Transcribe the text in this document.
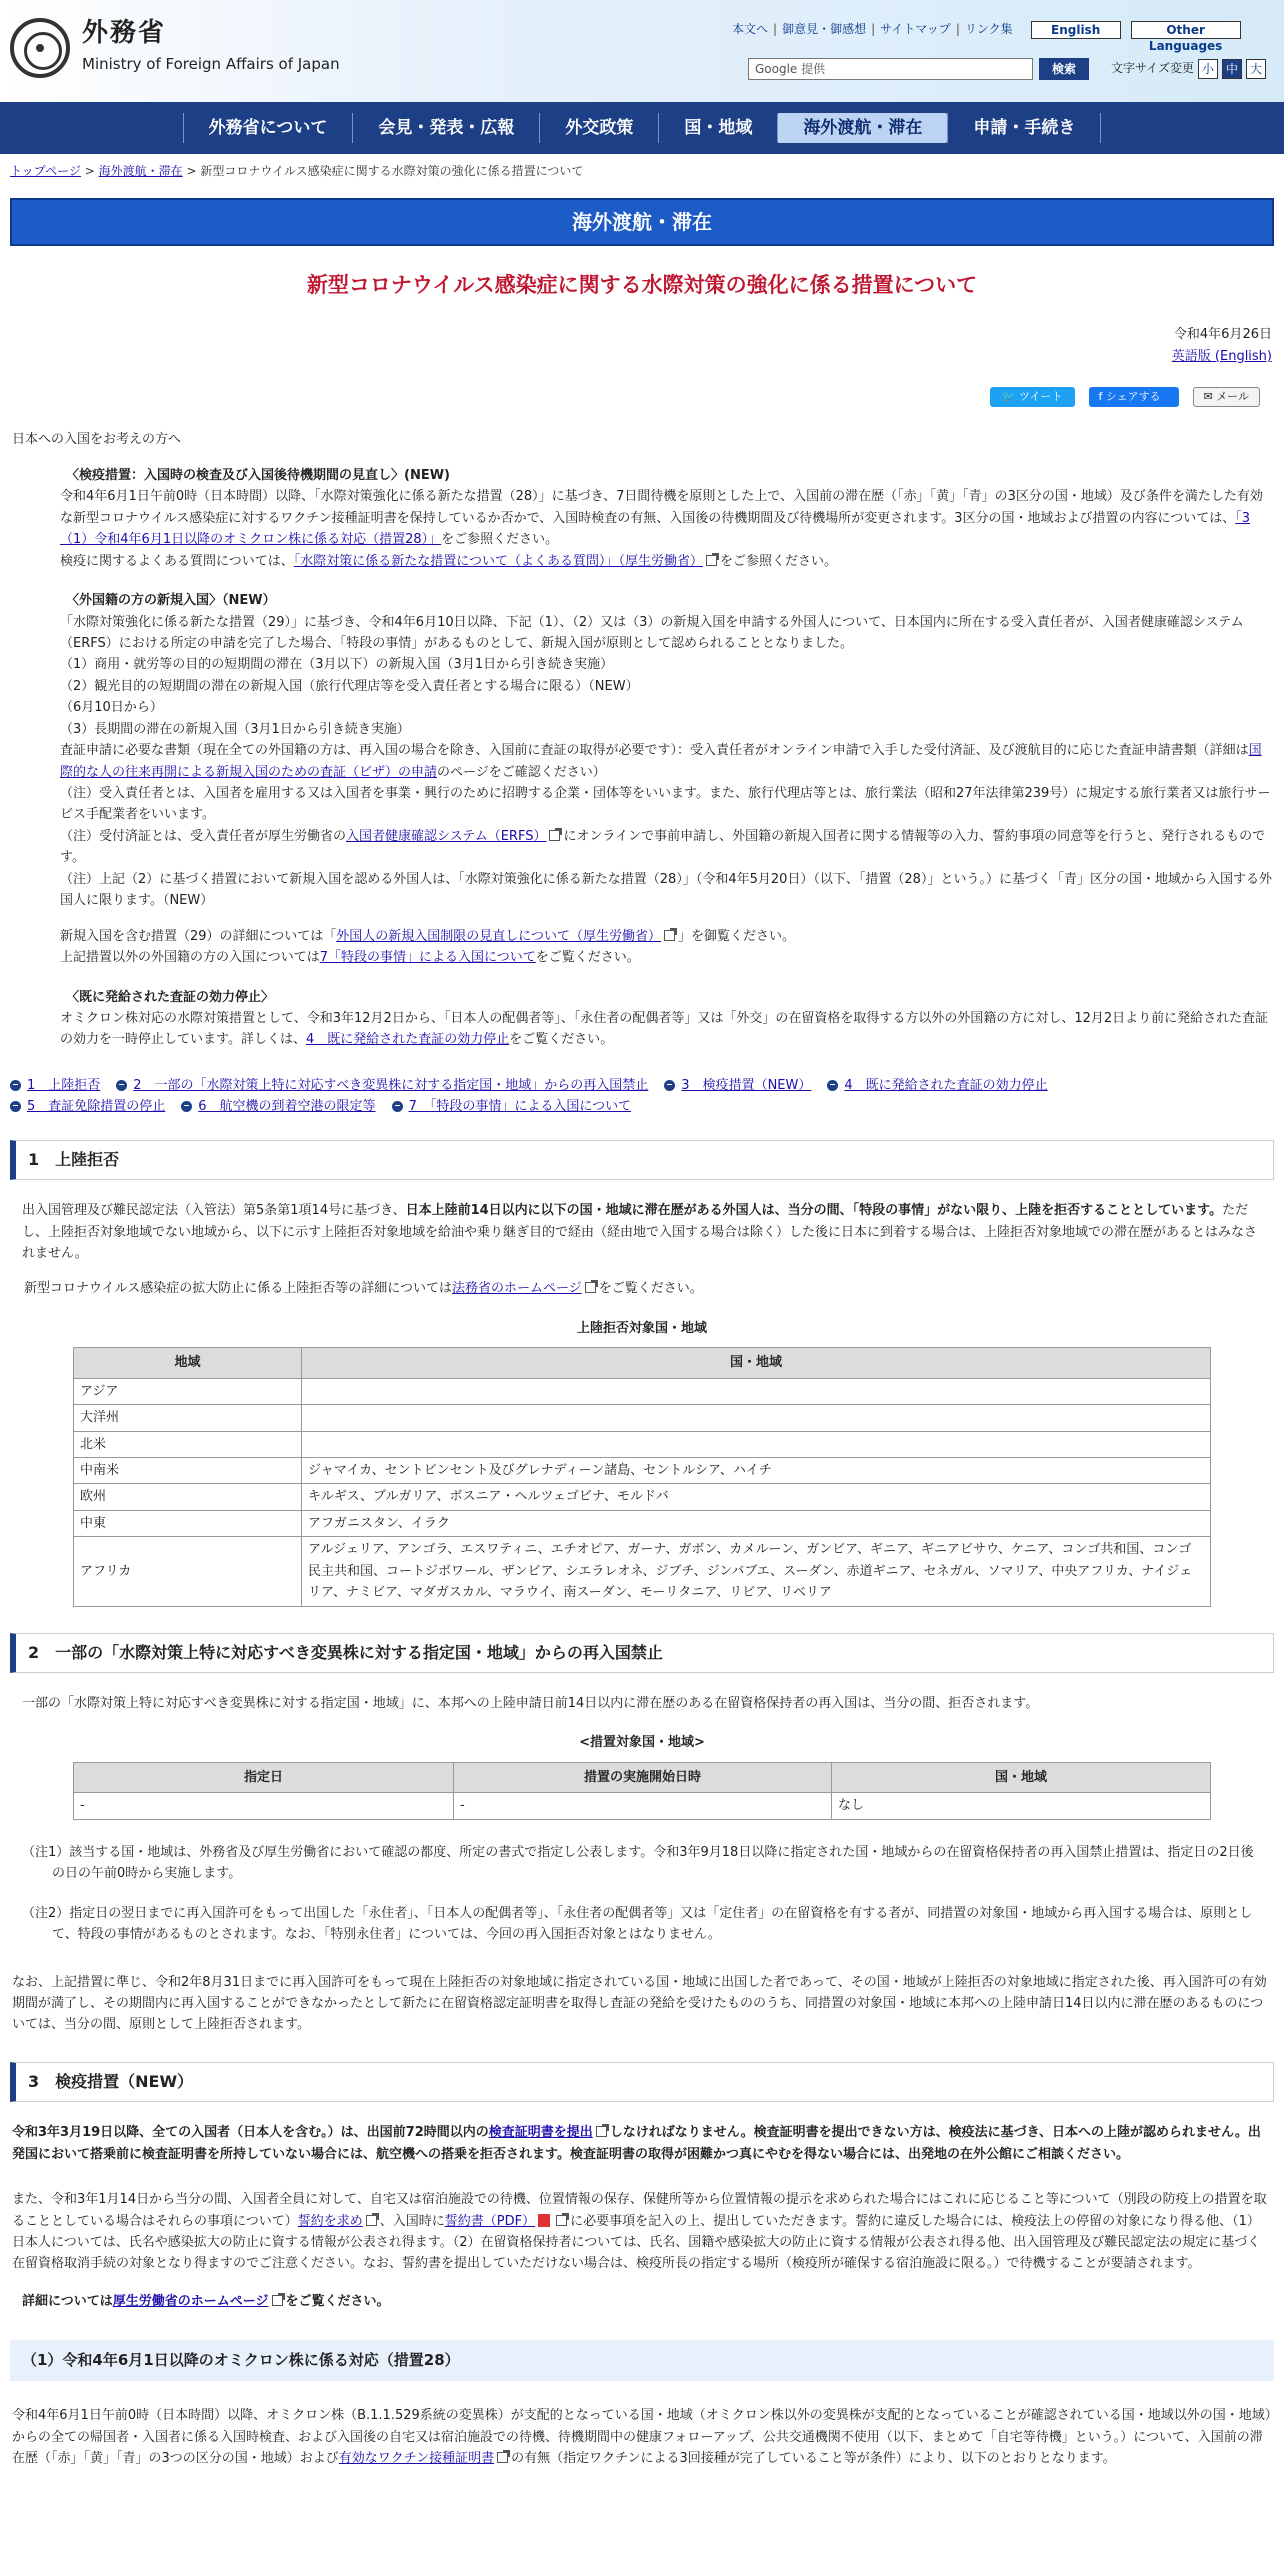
外務省
Ministry of Foreign Affairs of Japan
本文へ | 御意見・御感想 | サイトマップ | リンク集	English	Other Languages
Google 提供	検索	文字サイズ変更 小 中 大
外務省について	会見・発表・広報	外交政策	国・地域	海外渡航・滞在	申請・手続き
トップページ > 海外渡航・滞在 > 新型コロナウイルス感染症に関する水際対策の強化に係る措置について
海外渡航・滞在
新型コロナウイルス感染症に関する水際対策の強化に係る措置について
令和4年6月26日
英語版 (English)
🐦 ツイート	f シェアする	✉ メール
日本への入国をお考えの方へ
〈検疫措置：入国時の検査及び入国後待機期間の見直し〉(NEW)
令和4年6月1日午前0時（日本時間）以降、「水際対策強化に係る新たな措置（28）」に基づき、7日間待機を原則とした上で、入国前の滞在歴（「赤」「黄」「青」の3区分の国・地域）及び条件を満たした有効な新型コロナウイルス感染症に対するワクチン接種証明書を保持しているか否かで、入国時検査の有無、入国後の待機期間及び待機場所が変更されます。3区分の国・地域および措置の内容については、「3（1）令和4年6月1日以降のオミクロン株に係る対応（措置28）」をご参照ください。
検疫に関するよくある質問については、「水際対策に係る新たな措置について（よくある質問）」（厚生労働省） をご参照ください。
〈外国籍の方の新規入国〉（NEW）
「水際対策強化に係る新たな措置（29）」に基づき、令和4年6月10日以降、下記（1）、（2）又は（3）の新規入国を申請する外国人について、日本国内に所在する受入責任者が、入国者健康確認システム（ERFS）における所定の申請を完了した場合、「特段の事情」があるものとして、新規入国が原則として認められることとなりました。
（1）商用・就労等の目的の短期間の滞在（3月以下）の新規入国（3月1日から引き続き実施）
（2）観光目的の短期間の滞在の新規入国（旅行代理店等を受入責任者とする場合に限る）（NEW）
（6月10日から）
（3）長期間の滞在の新規入国（3月1日から引き続き実施）
査証申請に必要な書類（現在全ての外国籍の方は、再入国の場合を除き、入国前に査証の取得が必要です）：受入責任者がオンライン申請で入手した受付済証、及び渡航目的に応じた査証申請書類（詳細は国際的な人の往来再開による新規入国のための査証（ビザ）の申請のページをご確認ください）
（注）受入責任者とは、入国者を雇用する又は入国者を事業・興行のために招聘する企業・団体等をいいます。また、旅行代理店等とは、旅行業法（昭和27年法律第239号）に規定する旅行業者又は旅行サービス手配業者をいいます。
（注）受付済証とは、受入責任者が厚生労働省の入国者健康確認システム（ERFS） にオンラインで事前申請し、外国籍の新規入国者に関する情報等の入力、誓約事項の同意等を行うと、発行されるものです。
（注）上記（2）に基づく措置において新規入国を認める外国人は、「水際対策強化に係る新たな措置（28）」（令和4年5月20日）（以下、「措置（28）」という。）に基づく「青」区分の国・地域から入国する外国人に限ります。（NEW）
新規入国を含む措置（29）の詳細については「外国人の新規入国制限の見直しについて（厚生労働省） 」を御覧ください。
上記措置以外の外国籍の方の入国については7「特段の事情」による入国についてをご覧ください。
〈既に発給された査証の効力停止〉
オミクロン株対応の水際対策措置として、令和3年12月2日から、「日本人の配偶者等」、「永住者の配偶者等」又は「外交」の在留資格を取得する方以外の外国籍の方に対し、12月2日より前に発給された査証の効力を一時停止しています。詳しくは、4　既に発給された査証の効力停止をご覧ください。
1　上陸拒否	2　一部の「水際対策上特に対応すべき変異株に対する指定国・地域」からの再入国禁止	3　検疫措置（NEW）	4　既に発給された査証の効力停止
5　査証免除措置の停止	6　航空機の到着空港の限定等	7　「特段の事情」による入国について
1　上陸拒否
出入国管理及び難民認定法（入管法）第5条第1項14号に基づき、日本上陸前14日以内に以下の国・地域に滞在歴がある外国人は、当分の間、「特段の事情」がない限り、上陸を拒否することとしています。ただし、上陸拒否対象地域でない地域から、以下に示す上陸拒否対象地域を給油や乗り継ぎ目的で経由（経由地で入国する場合は除く）した後に日本に到着する場合は、上陸拒否対象地域での滞在歴があるとはみなされません。
新型コロナウイルス感染症の拡大防止に係る上陸拒否等の詳細については法務省のホームページ をご覧ください。
上陸拒否対象国・地域
地域	国・地域
アジア	
大洋州	
北米	
中南米	ジャマイカ、セントビンセント及びグレナディーン諸島、セントルシア、ハイチ
欧州	キルギス、ブルガリア、ボスニア・ヘルツェゴビナ、モルドバ
中東	アフガニスタン、イラク
アフリカ	アルジェリア、アンゴラ、エスワティニ、エチオピア、ガーナ、ガボン、カメルーン、ガンビア、ギニア、ギニアビサウ、ケニア、コンゴ共和国、コンゴ民主共和国、コートジボワール、ザンビア、シエラレオネ、ジブチ、ジンバブエ、スーダン、赤道ギニア、セネガル、ソマリア、中央アフリカ、ナイジェリア、ナミビア、マダガスカル、マラウイ、南スーダン、モーリタニア、リビア、リベリア
2　一部の「水際対策上特に対応すべき変異株に対する指定国・地域」からの再入国禁止
一部の「水際対策上特に対応すべき変異株に対する指定国・地域」に、本邦への上陸申請日前14日以内に滞在歴のある在留資格保持者の再入国は、当分の間、拒否されます。
<措置対象国・地域>
指定日	措置の実施開始日時	国・地域
-	-	なし
（注1）該当する国・地域は、外務省及び厚生労働省において確認の都度、所定の書式で指定し公表します。令和3年9月18日以降に指定された国・地域からの在留資格保持者の再入国禁止措置は、指定日の2日後の日の午前0時から実施します。
（注2）指定日の翌日までに再入国許可をもって出国した「永住者」、「日本人の配偶者等」、「永住者の配偶者等」又は「定住者」の在留資格を有する者が、同措置の対象国・地域から再入国する場合は、原則として、特段の事情があるものとされます。なお、「特別永住者」については、今回の再入国拒否対象とはなりません。
なお、上記措置に準じ、令和2年8月31日までに再入国許可をもって現在上陸拒否の対象地域に指定されている国・地域に出国した者であって、その国・地域が上陸拒否の対象地域に指定された後、再入国許可の有効期間が満了し、その期間内に再入国することができなかったとして新たに在留資格認定証明書を取得し査証の発給を受けたもののうち、同措置の対象国・地域に本邦への上陸申請日14日以内に滞在歴のあるものについては、当分の間、原則として上陸拒否されます。
3　検疫措置（NEW）
令和3年3月19日以降、全ての入国者（日本人を含む。）は、出国前72時間以内の検査証明書を提出 しなければなりません。検査証明書を提出できない方は、検疫法に基づき、日本への上陸が認められません。出発国において搭乗前に検査証明書を所持していない場合には、航空機への搭乗を拒否されます。検査証明書の取得が困難かつ真にやむを得ない場合には、出発地の在外公館にご相談ください。
また、令和3年1月14日から当分の間、入国者全員に対して、自宅又は宿泊施設での待機、位置情報の保存、保健所等から位置情報の提示を求められた場合にはこれに応じること等について（別段の防疫上の措置を取ることとしている場合はそれらの事項について）誓約を求め 、入国時に誓約書（PDF）	に必要事項を記入の上、提出していただきます。誓約に違反した場合には、検疫法上の停留の対象になり得る他、（1）日本人については、氏名や感染拡大の防止に資する情報が公表され得ます。（2）在留資格保持者については、氏名、国籍や感染拡大の防止に資する情報が公表され得る他、出入国管理及び難民認定法の規定に基づく在留資格取消手続の対象となり得ますのでご注意ください。なお、誓約書を提出していただけない場合は、検疫所長の指定する場所（検疫所が確保する宿泊施設に限る。）で待機することが要請されます。
詳細については厚生労働省のホームページ をご覧ください。
（1）令和4年6月1日以降のオミクロン株に係る対応（措置28）
令和4年6月1日午前0時（日本時間）以降、オミクロン株（B.1.1.529系統の変異株）が支配的となっている国・地域（オミクロン株以外の変異株が支配的となっていることが確認されている国・地域以外の国・地域）からの全ての帰国者・入国者に係る入国時検査、および入国後の自宅又は宿泊施設での待機、待機期間中の健康フォローアップ、公共交通機関不使用（以下、まとめて「自宅等待機」という。）について、入国前の滞在歴（「赤」「黄」「青」の3つの区分の国・地域）および有効なワクチン接種証明書 の有無（指定ワクチンによる3回接種が完了していること等が条件）により、以下のとおりとなります。
